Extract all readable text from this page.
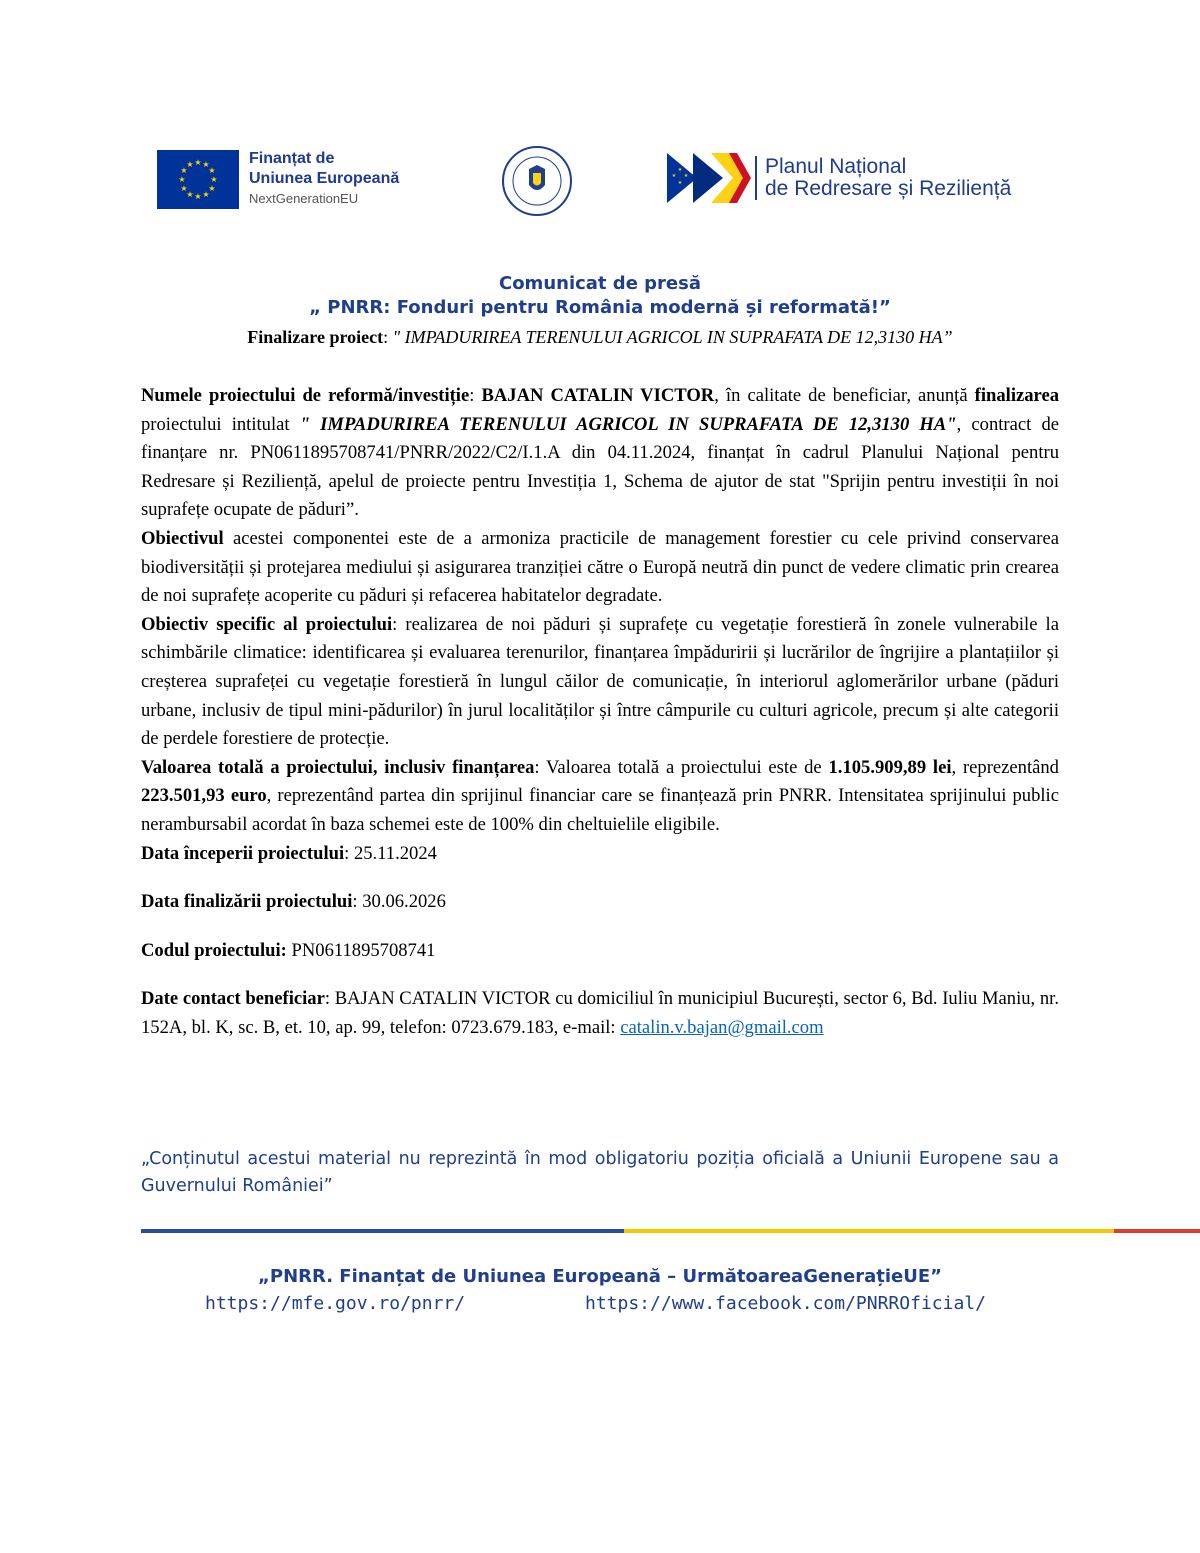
★ ★
★
★
★
★
★
★
★
★
★
★	Finanțat de
Uniunea Europeană
NextGenerationEU
★
★
★
★	Planul Național
de Redresare și Reziliență
Comunicat de presă
„ PNRR: Fonduri pentru România modernă și reformată!”
Finalizare proiect: " IMPADURIREA TERENULUI AGRICOL IN SUPRAFATA DE 12,3130 HA”

Numele proiectului de reformă/investiție: BAJAN CATALIN VICTOR, în calitate de beneficiar, anunță finalizarea proiectului intitulat " IMPADURIREA TERENULUI AGRICOL IN SUPRAFATA DE 12,3130 HA", contract de finanțare nr. PN0611895708741/PNRR/2022/C2/I.1.A din 04.11.2024, finanțat în cadrul Planului Național pentru Redresare și Reziliență, apelul de proiecte pentru Investiția 1, Schema de ajutor de stat "Sprijin pentru investiții în noi suprafețe ocupate de păduri”.

Obiectivul acestei componentei este de a armoniza practicile de management forestier cu cele privind conservarea biodiversității și protejarea mediului și asigurarea tranziției către o Europă neutră din punct de vedere climatic prin crearea de noi suprafețe acoperite cu păduri și refacerea habitatelor degradate.

Obiectiv specific al proiectului: realizarea de noi păduri și suprafețe cu vegetație forestieră în zonele vulnerabile la schimbările climatice: identificarea și evaluarea terenurilor, finanțarea împăduririi și lucrărilor de îngrijire a plantațiilor și creșterea suprafeței cu vegetație forestieră în lungul căilor de comunicație, în interiorul aglomerărilor urbane (păduri urbane, inclusiv de tipul mini-pădurilor) în jurul localităților și între câmpurile cu culturi agricole, precum și alte categorii de perdele forestiere de protecție.

Valoarea totală a proiectului, inclusiv finanțarea: Valoarea totală a proiectului este de 1.105.909,89 lei, reprezentând 223.501,93 euro, reprezentând partea din sprijinul financiar care se finanțează prin PNRR. Intensitatea sprijinului public nerambursabil acordat în baza schemei este de 100% din cheltuielile eligibile.

Data începerii proiectului: 25.11.2024

Data finalizării proiectului: 30.06.2026

Codul proiectului: PN0611895708741

Date contact beneficiar: BAJAN CATALIN VICTOR cu domiciliul în municipiul București, sector 6, Bd. Iuliu Maniu, nr. 152A, bl. K, sc. B, et. 10, ap. 99, telefon: 0723.679.183, e-mail: catalin.v.bajan@gmail.com

„Conținutul acestui material nu reprezintă în mod obligatoriu poziția oficială a Uniunii Europene sau a Guvernului României”
„PNRR. Finanțat de Uniunea Europeană – UrmătoareaGenerațieUE”
https://mfe.gov.ro/pnrr/	https://www.facebook.com/PNRROficial/
